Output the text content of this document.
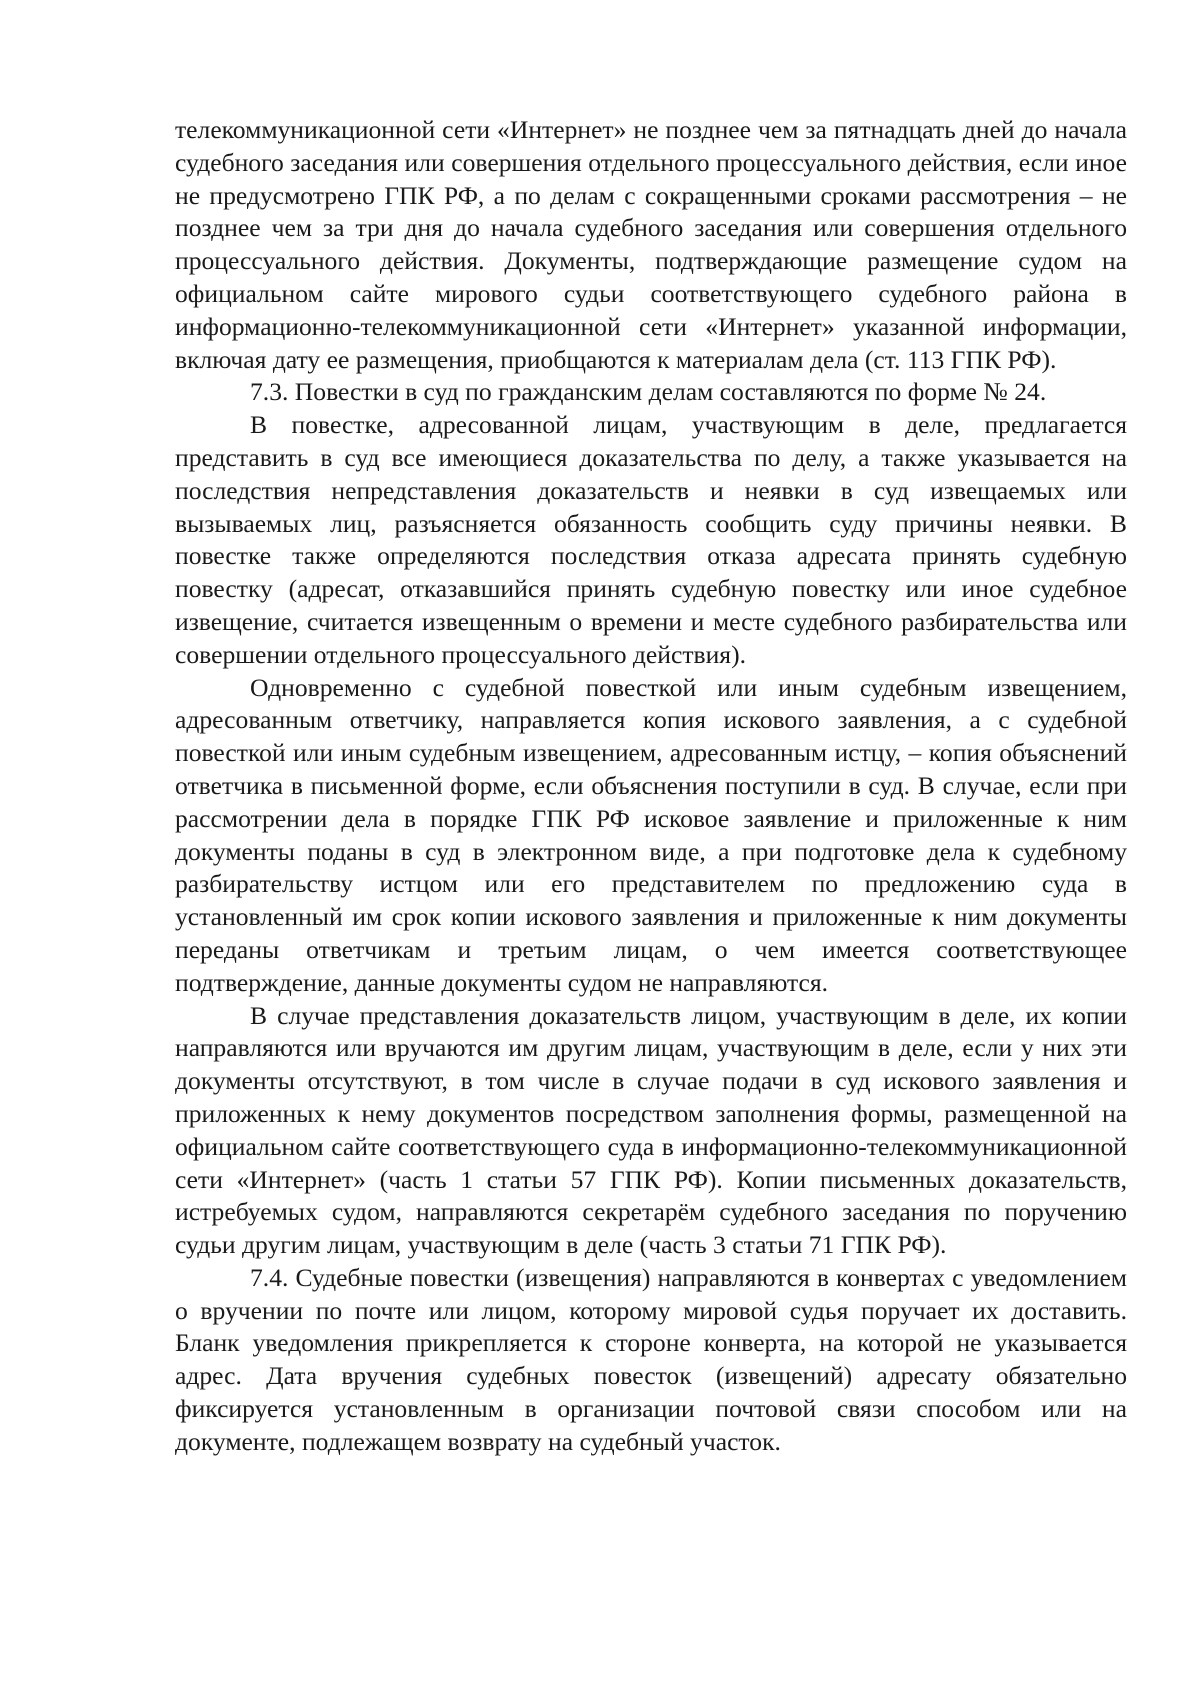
телекоммуникационной сети «Интернет» не позднее чем за пятнадцать дней до начала судебного заседания или совершения отдельного процессуального действия, если иное не предусмотрено ГПК РФ, а по делам с сокращенными сроками рассмотрения – не позднее чем за три дня до начала судебного заседания или совершения отдельного процессуального действия. Документы, подтверждающие размещение судом на официальном сайте мирового судьи соответствующего судебного района в информационно-телекоммуникационной сети «Интернет» указанной информации, включая дату ее размещения, приобщаются к материалам дела (ст. 113 ГПК РФ).

7.3. Повестки в суд по гражданским делам составляются по форме № 24.

В повестке, адресованной лицам, участвующим в деле, предлагается представить в суд все имеющиеся доказательства по делу, а также указывается на последствия непредставления доказательств и неявки в суд извещаемых или вызываемых лиц, разъясняется обязанность сообщить суду причины неявки. В повестке также определяются последствия отказа адресата принять судебную повестку (адресат, отказавшийся принять судебную повестку или иное судебное извещение, считается извещенным о времени и месте судебного разбирательства или совершении отдельного процессуального действия).

Одновременно с судебной повесткой или иным судебным извещением, адресованным ответчику, направляется копия искового заявления, а с судебной повесткой или иным судебным извещением, адресованным истцу, – копия объяснений ответчика в письменной форме, если объяснения поступили в суд. В случае, если при рассмотрении дела в порядке ГПК РФ исковое заявление и приложенные к ним документы поданы в суд в электронном виде, а при подготовке дела к судебному разбирательству истцом или его представителем по предложению суда в установленный им срок копии искового заявления и приложенные к ним документы переданы ответчикам и третьим лицам, о чем имеется соответствующее подтверждение, данные документы судом не направляются.

В случае представления доказательств лицом, участвующим в деле, их копии направляются или вручаются им другим лицам, участвующим в деле, если у них эти документы отсутствуют, в том числе в случае подачи в суд искового заявления и приложенных к нему документов посредством заполнения формы, размещенной на официальном сайте соответствующего суда в информационно-телекоммуникационной сети «Интернет» (часть 1 статьи 57 ГПК РФ). Копии письменных доказательств, истребуемых судом, направляются секретарём судебного заседания по поручению судьи другим лицам, участвующим в деле (часть 3 статьи 71 ГПК РФ).

7.4. Судебные повестки (извещения) направляются в конвертах с уведомлением о вручении по почте или лицом, которому мировой судья поручает их доставить. Бланк уведомления прикрепляется к стороне конверта, на которой не указывается адрес. Дата вручения судебных повесток (извещений) адресату обязательно фиксируется установленным в организации почтовой связи способом или на документе, подлежащем возврату на судебный участок.
